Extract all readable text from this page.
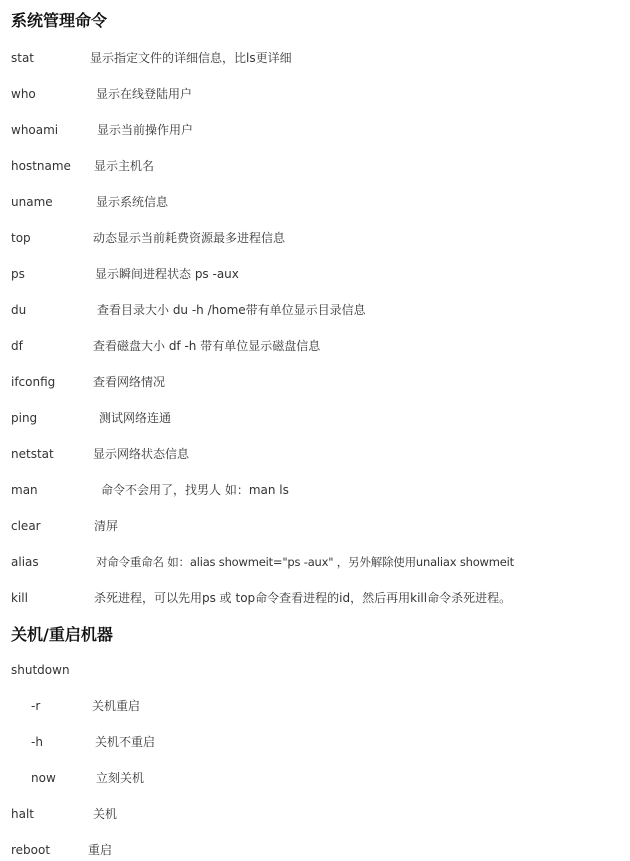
系统管理命令
stat	显示指定文件的详细信息，比ls更详细
who	显示在线登陆用户
whoami	显示当前操作用户
hostname 显示主机名
uname	显示系统信息
top	动态显示当前耗费资源最多进程信息
ps	显示瞬间进程状态 ps -aux
du	查看目录大小 du -h /home带有单位显示目录信息
df	查看磁盘大小 df -h 带有单位显示磁盘信息
ifconfig	查看网络情况
ping	测试网络连通
netstat	显示网络状态信息
man	命令不会用了，找男人 如：man ls
clear	清屏
alias	对命令重命名 如：alias showmeit="ps -aux" ，另外解除使用unaliax showmeit
kill	杀死进程，可以先用ps 或 top命令查看进程的id，然后再用kill命令杀死进程。
关机/重启机器
shutdown
-r	关机重启
-h	关机不重启
now	立刻关机
halt	关机
reboot	重启
